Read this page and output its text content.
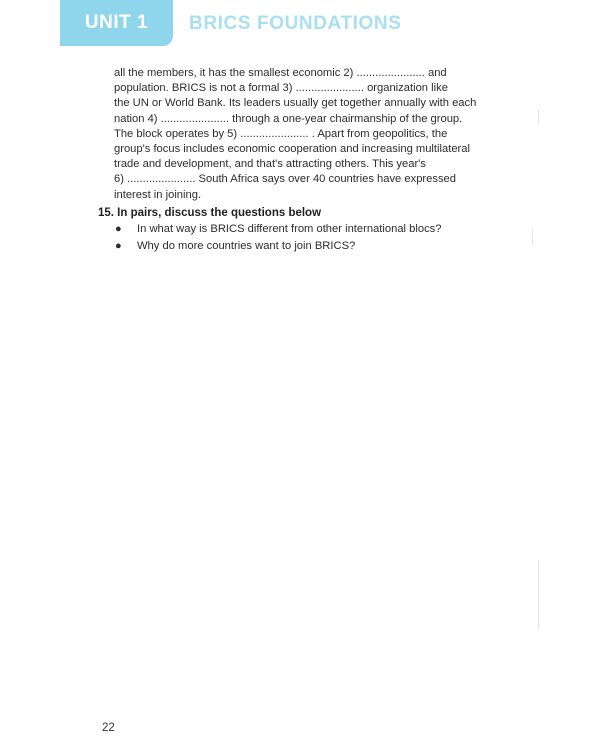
UNIT 1 BRICS FOUNDATIONS
all the members, it has the smallest economic 2) ...................... and
population. BRICS is not a formal 3) ...................... organization like
the UN or World Bank. Its leaders usually get together annually with each
nation 4) ...................... through a one-year chairmanship of the group.
The block operates by 5) ...................... . Apart from geopolitics, the
group's focus includes economic cooperation and increasing multilateral
trade and development, and that's attracting others. This year's
6) ...................... South Africa says over 40 countries have expressed
interest in joining.

15. In pairs, discuss the questions below

● In what way is BRICS different from other international blocs?
● Why do more countries want to join BRICS?
22
